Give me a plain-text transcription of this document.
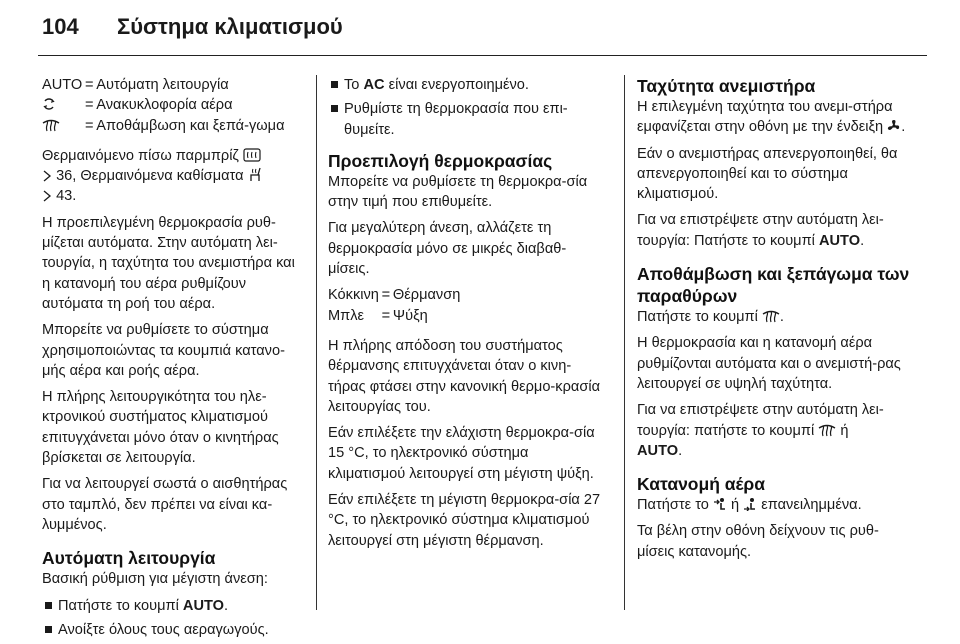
104 Σύστημα κλιματισμού
AUTO	=	Αυτόματη λειτουργία
	=	Ανακυκλοφορία αέρα
	=	Αποθάμβωση και ξεπά-γωμα

Θερμαινόμενο πίσω παρμπρίζ
36, Θερμαινόμενα καθίσματα
43.

Η προεπιλεγμένη θερμοκρασία ρυθ-μίζεται αυτόματα. Στην αυτόματη λει-τουργία, η ταχύτητα του ανεμιστήρα και η κατανομή του αέρα ρυθμίζουν αυτόματα τη ροή του αέρα.

Μπορείτε να ρυθμίσετε το σύστημα χρησιμοποιώντας τα κουμπιά κατανο-μής αέρα και ροής αέρα.

Η πλήρης λειτουργικότητα του ηλε-κτρονικού συστήματος κλιματισμού επιτυγχάνεται μόνο όταν ο κινητήρας βρίσκεται σε λειτουργία.

Για να λειτουργεί σωστά ο αισθητήρας στο ταμπλό, δεν πρέπει να είναι κα-λυμμένος.

Αυτόματη λειτουργία

Βασική ρύθμιση για μέγιστη άνεση:

Πατήστε το κουμπί AUTO.
Ανοίξτε όλους τους αεραγωγούς.
Το AC είναι ενεργοποιημένο.
Ρυθμίστε τη θερμοκρασία που επι-θυμείτε.
Προεπιλογή θερμοκρασίας

Μπορείτε να ρυθμίσετε τη θερμοκρα-σία στην τιμή που επιθυμείτε.

Για μεγαλύτερη άνεση, αλλάζετε τη θερμοκρασία μόνο σε μικρές διαβαθ-μίσεις.

Κόκκινη	=	Θέρμανση
Μπλε	=	Ψύξη

Η πλήρης απόδοση του συστήματος θέρμανσης επιτυγχάνεται όταν ο κινη-τήρας φτάσει στην κανονική θερμο-κρασία λειτουργίας του.

Εάν επιλέξετε την ελάχιστη θερμοκρα-σία 15 °C, το ηλεκτρονικό σύστημα κλιματισμού λειτουργεί στη μέγιστη ψύξη.

Εάν επιλέξετε τη μέγιστη θερμοκρα-σία 27 °C, το ηλεκτρονικό σύστημα κλιματισμού λειτουργεί στη μέγιστη θέρμανση.

Ταχύτητα ανεμιστήρα

Η επιλεγμένη ταχύτητα του ανεμι-στήρα εμφανίζεται στην οθόνη με την ένδειξη .

Εάν ο ανεμιστήρας απενεργοποιηθεί, θα απενεργοποιηθεί και το σύστημα κλιματισμού.

Για να επιστρέψετε στην αυτόματη λει-τουργία: Πατήστε το κουμπί AUTO.

Αποθάμβωση και ξεπάγωμα των παραθύρων

Πατήστε το κουμπί .

Η θερμοκρασία και η κατανομή αέρα ρυθμίζονται αυτόματα και ο ανεμιστή-ρας λειτουργεί σε υψηλή ταχύτητα.

Για να επιστρέψετε στην αυτόματη λει-τουργία: πατήστε το κουμπί ή
AUTO.

Κατανομή αέρα

Πατήστε το ή επανειλημμένα.

Τα βέλη στην οθόνη δείχνουν τις ρυθ-μίσεις κατανομής.
